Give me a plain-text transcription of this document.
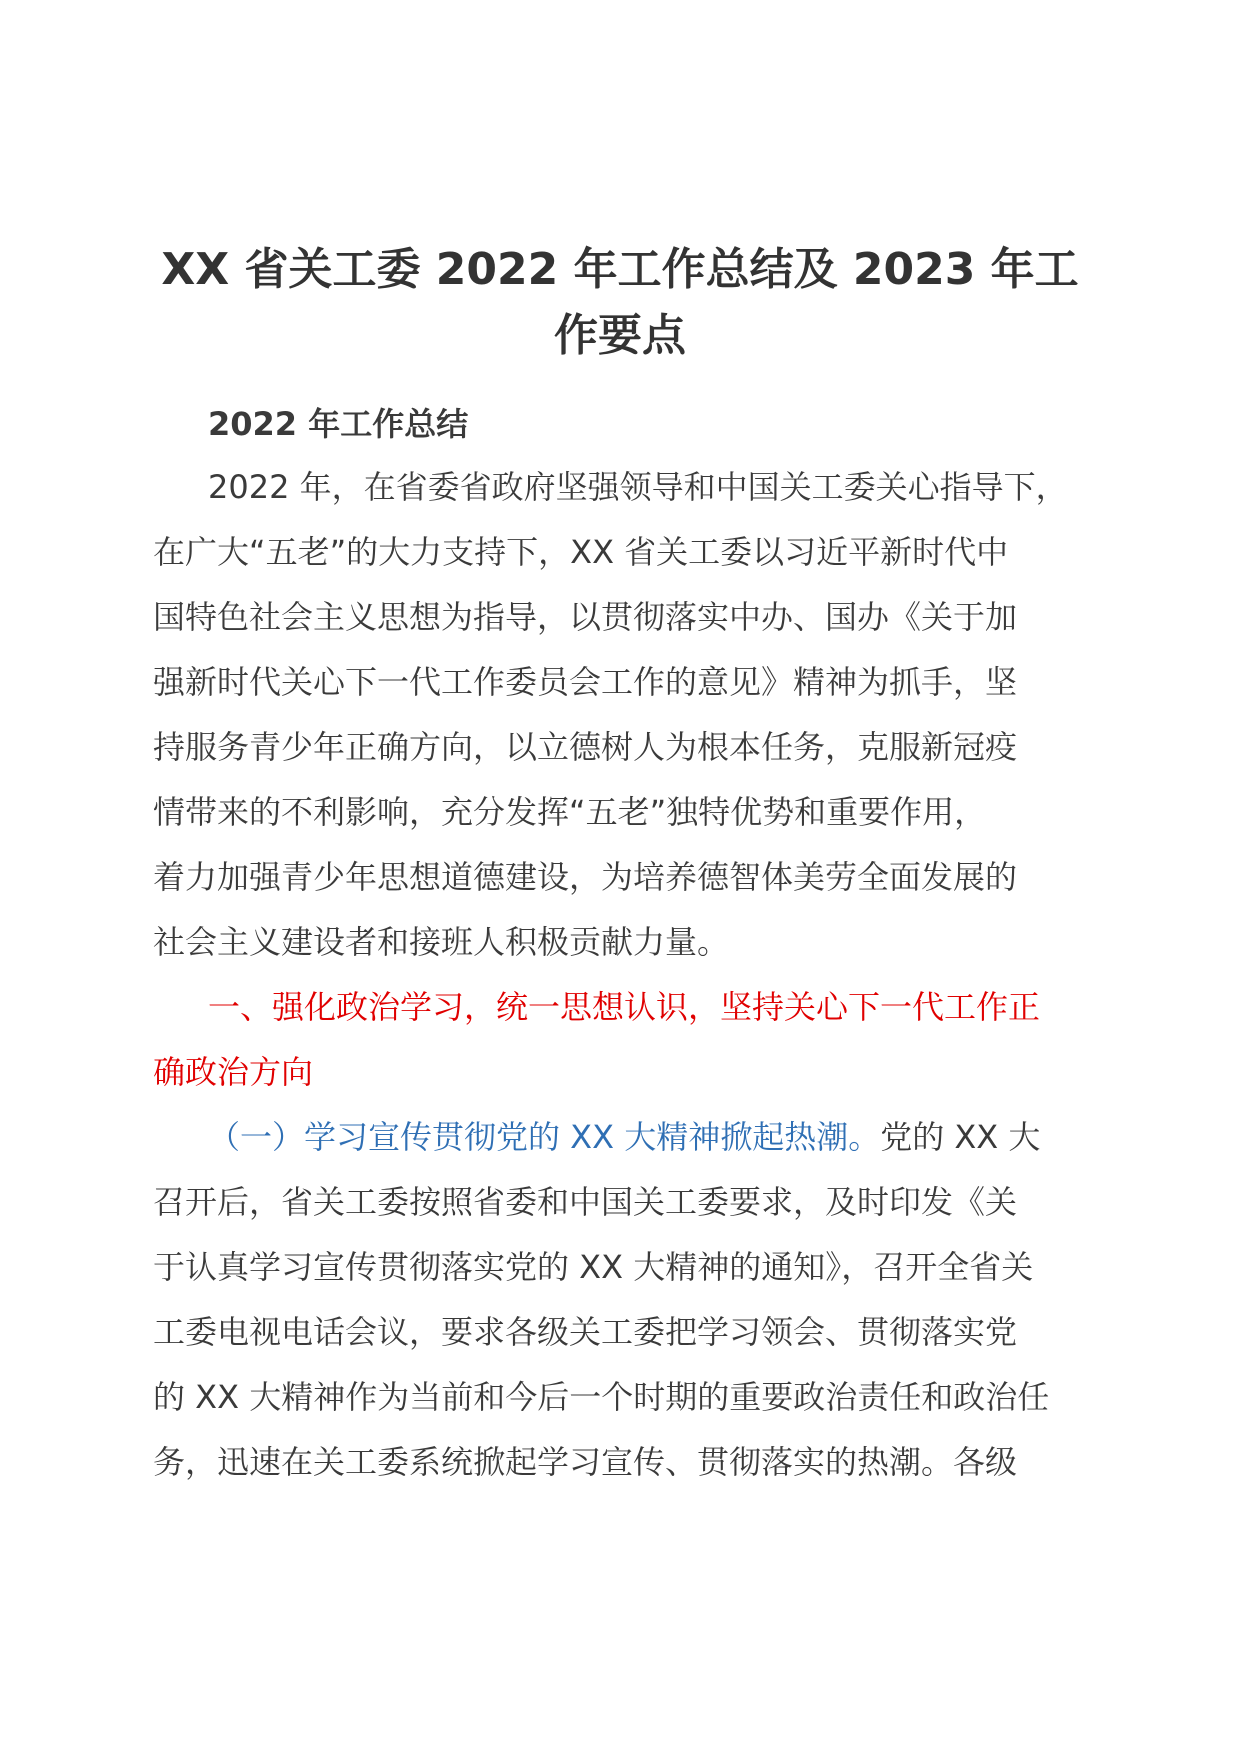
XX 省关工委 2022 年工作总结及 2023 年工
作要点
2022 年工作总结
2022 年，在省委省政府坚强领导和中国关工委关心指导下，
在广大“五老”的大力支持下，XX 省关工委以习近平新时代中
国特色社会主义思想为指导，以贯彻落实中办、国办《关于加
强新时代关心下一代工作委员会工作的意见》精神为抓手，坚
持服务青少年正确方向，以立德树人为根本任务，克服新冠疫
情带来的不利影响，充分发挥“五老”独特优势和重要作用，
着力加强青少年思想道德建设，为培养德智体美劳全面发展的
社会主义建设者和接班人积极贡献力量。
一、强化政治学习，统一思想认识，坚持关心下一代工作正
确政治方向
（一）学习宣传贯彻党的 XX 大精神掀起热潮。党的 XX 大
召开后，省关工委按照省委和中国关工委要求，及时印发《关
于认真学习宣传贯彻落实党的 XX 大精神的通知》，召开全省关
工委电视电话会议，要求各级关工委把学习领会、贯彻落实党
的 XX 大精神作为当前和今后一个时期的重要政治责任和政治任
务，迅速在关工委系统掀起学习宣传、贯彻落实的热潮。各级
